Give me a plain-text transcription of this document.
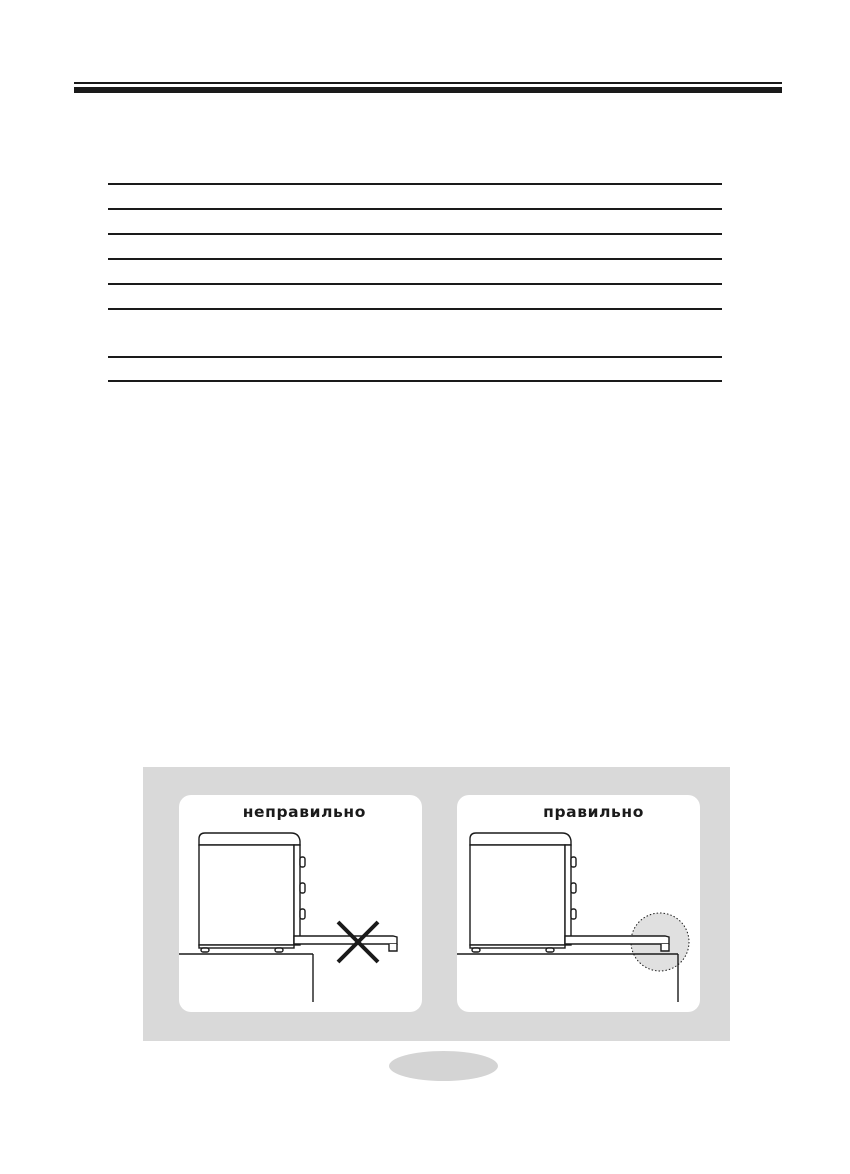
неправильно	правильно
